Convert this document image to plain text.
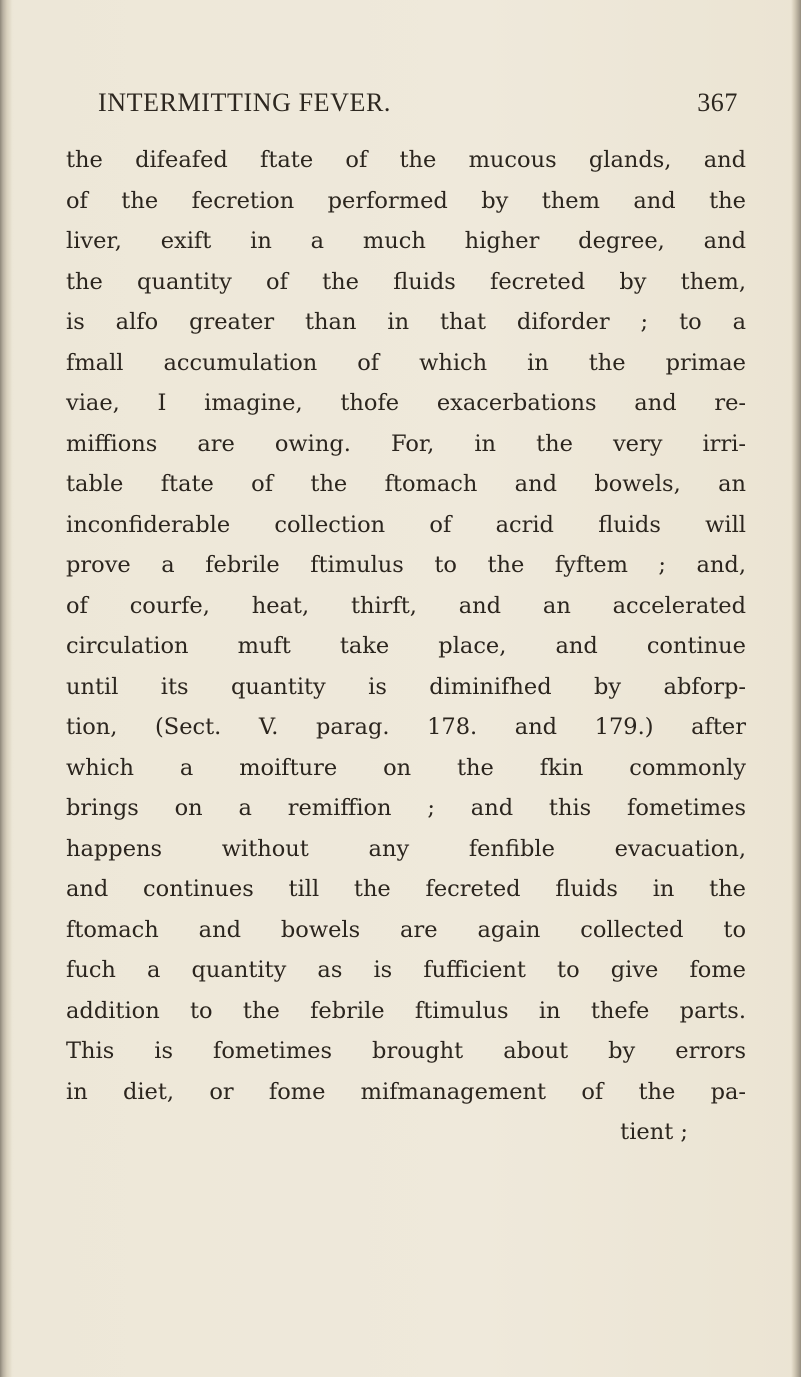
INTERMITTING FEVER.	367
the difeafed ftate of the mucous glands, and
of the fecretion performed by them and the
liver, exift in a much higher degree, and
the quantity of the fluids fecreted by them,
is alfo greater than in that diforder ; to a
fmall accumulation of which in the primae
viae, I imagine, thofe exacerbations and re-
miffions are owing. For, in the very irri-
table ftate of the ftomach and bowels, an
inconfiderable collection of acrid fluids will
prove a febrile ftimulus to the fyftem ; and,
of courfe, heat, thirft, and an accelerated
circulation muft take place, and continue
until its quantity is diminifhed by abforp-
tion, (Sect. V. parag. 178. and 179.) after
which a moifture on the fkin commonly
brings on a remiffion ; and this fometimes
happens without any fenfible evacuation,
and continues till the fecreted fluids in the
ftomach and bowels are again collected to
fuch a quantity as is fufficient to give fome
addition to the febrile ftimulus in thefe parts.
This is fometimes brought about by errors
in diet, or fome mifmanagement of the pa-
tient ;
